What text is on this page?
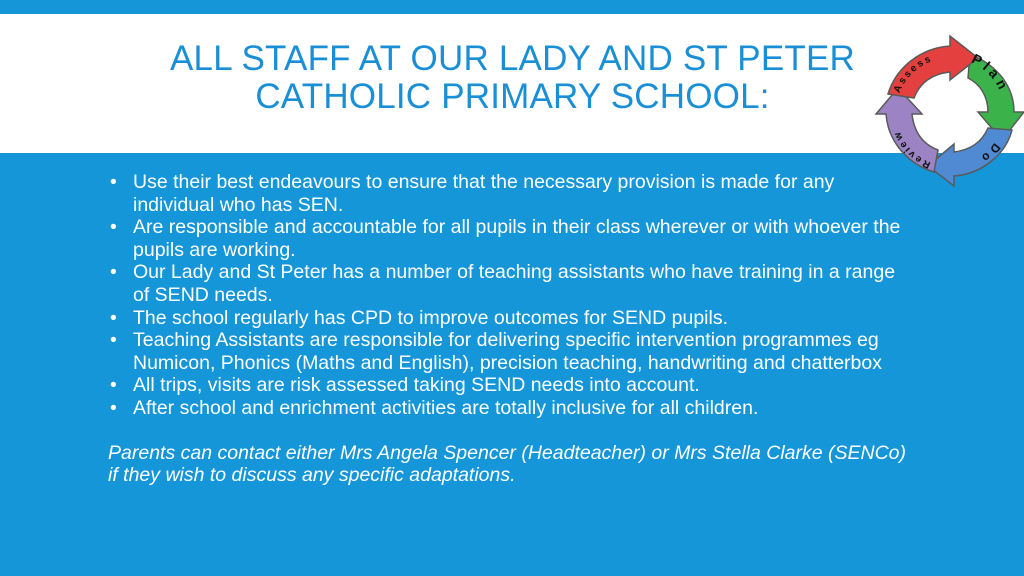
ALL STAFF AT OUR LADY AND ST PETER
CATHOLIC PRIMARY SCHOOL:	Assess	Plan
Do
Review
• Use their best endeavours to ensure that the necessary provision is made for any individual who has SEN.
• Are responsible and accountable for all pupils in their class wherever or with whoever the pupils are working.
• Our Lady and St Peter has a number of teaching assistants who have training in a range of SEND needs.
• The school regularly has CPD to improve outcomes for SEND pupils.
• Teaching Assistants are responsible for delivering specific intervention programmes eg Numicon, Phonics (Maths and English), precision teaching, handwriting and chatterbox
• All trips, visits are risk assessed taking SEND needs into account.
• After school and enrichment activities are totally inclusive for all children.

Parents can contact either Mrs Angela Spencer (Headteacher) or Mrs Stella Clarke (SENCo) if they wish to discuss any specific adaptations.
